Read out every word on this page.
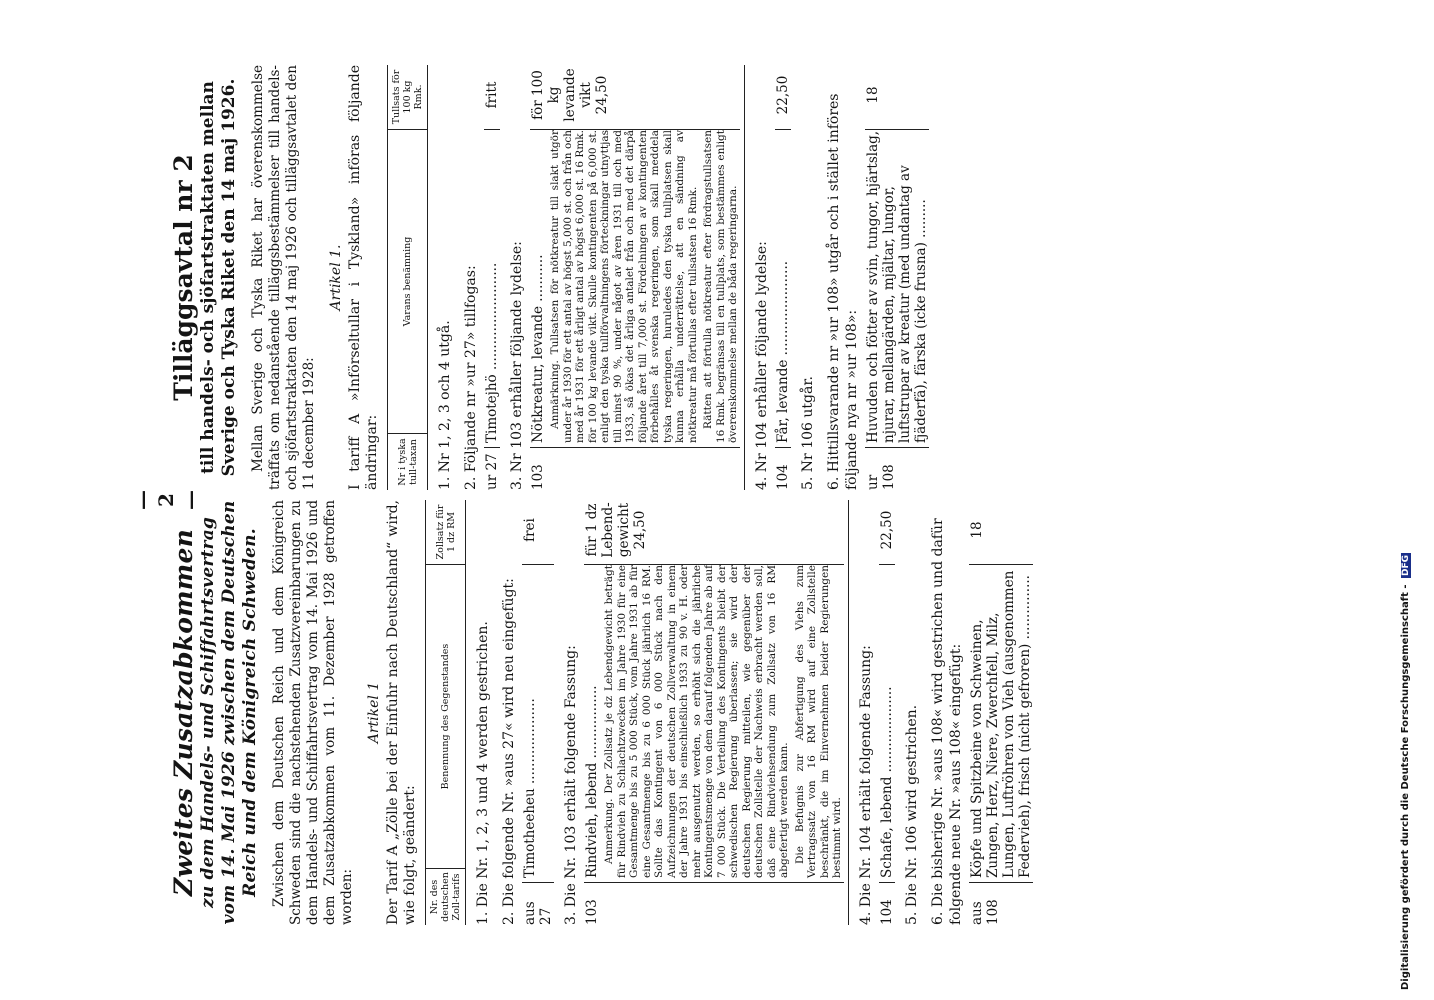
— 2 —
Zweites Zusatzabkommen zu dem Handels- und Schiffahrtsvertrag vom 14. Mai 1926 zwischen dem Deutschen Reich und dem Königreich Schweden. Zwischen dem Deutschen Reich und dem Königreich Schweden sind die nachstehenden Zusatzvereinbarungen zu dem Handels- und Schiffahrtsvertrag vom 14. Mai 1926 und dem Zusatzabkommen vom 11. Dezember 1928 getroffen worden:
Artikel 1 Der Tarif A „Zölle bei der Einfuhr nach Deutschland“ wird, wie folgt, geändert:	Nr. des deutschen Zoll-tarifs
Benennung des Gegenstandes
Zollsatz für 1 dz RM
1. Die Nr. 1, 2, 3 und 4 werden gestrichen. 2. Die folgende Nr. »aus 27« wird neu eingefügt: aus 27
Timotheeheu ....................
frei
3. Die Nr. 103 erhält folgende Fassung: 103
Rindvieh, lebend ................. Anmerkung. Der Zollsatz je dz Lebendgewicht beträgt für Rindvieh zu Schlachtzwecken im Jahre 1930 für eine Gesamtmenge bis zu 5 000 Stück, vom Jahre 1931 ab für eine Gesamtmenge bis zu 6 000 Stück jährlich 16 RM. Sollte das Kontingent von 6 000 Stück nach den Aufzeichnungen der deutschen Zollverwaltung in einem der Jahre 1931 bis einschließlich 1933 zu 90 v. H. oder mehr ausgenutzt werden, so erhöht sich die jährliche Kontingentsmenge von dem darauf folgenden Jahre ab auf 7 000 Stück. Die Verteilung des Kontingents bleibt der schwedischen Regierung überlassen; sie wird der deutschen Regierung mitteilen, wie gegenüber der deutschen Zollstelle der Nachweis erbracht werden soll, daß eine Rindviehsendung zum Zollsatz von 16 RM abgefertigt werden kann. Die Befugnis zur Abfertigung des Viehs zum Vertragssatz von 16 RM wird auf eine Zollstelle beschränkt, die im Einvernehmen beider Regierungen bestimmt wird.
für 1 dz Lebend-gewicht 24,50
4. Die Nr. 104 erhält folgende Fassung: 104
Schafe, lebend ....................
22,50
5. Die Nr. 106 wird gestrichen. 6. Die bisherige Nr. »aus 108« wird gestrichen und dafür folgende neue Nr. »aus 108« eingefügt: aus 108
Köpfe und Spitzbeine von Schweinen, Zungen, Herz, Niere, Zwerchfell, Milz, Lungen, Luftröhren von Vieh (ausgenommen Federvieh), frisch (nicht gefroren) ...............
18
Tilläggsavtal nr 2 till handels- och sjöfartstraktaten mellan Sverige och Tyska Riket den 14 maj 1926. Mellan Sverige och Tyska Riket har överenskommelse träffats om nedanstående tilläggsbestämmelser till handels- och sjöfartstraktaten den 14 maj 1926 och tilläggsavtalet den 11 december 1928:
Artikel 1. I tariff A »Införseltullar i Tyskland» införas följande ändringar:	Nr i tyska tull-taxan
Varans benämning
Tullsats för 100 kg Rmk.
1. Nr 1, 2, 3 och 4 utgå. 2. Följande nr »ur 27» tillfogas: ur 27
Timotejhö .........................
fritt
3. Nr 103 erhåller följande lydelse: 103
Nötkreatur, levande ........... Anmärkning. Tullsatsen för nötkreatur till slakt utgör under år 1930 för ett antal av högst 5,000 st. och från och med år 1931 för ett årligt antal av högst 6,000 st. 16 Rmk. för 100 kg levande vikt. Skulle kontingenten på 6,000 st. enligt den tyska tullförvaltningens förteckningar utnyttjas till minst 90 %, under något av åren 1931 till och med 1933, så ökas det årliga antalet från och med det därpå följande året till 7,000 st. Fördelningen av kontingenten förbehålles åt svenska regeringen, som skall meddela tyska regeringen, huruledes den tyska tullplatsen skall kunna erhålla underrättelse, att en sändning av nötkreatur må förtullas efter tullsatsen 16 Rmk. Rätten att förtulla nötkreatur efter fördragstullsatsen 16 Rmk. begränsas till en tullplats, som bestämmes enligt överenskommelse mellan de båda regeringarna.
för 100 kg levande vikt 24,50
4. Nr 104 erhåller följande lydelse: 104
Får, levande ......................
22,50
5. Nr 106 utgår. 6. Hittillsvarande nr »ur 108» utgår och i stället införes följande nya nr »ur 108»: ur 108
Huvuden och fötter av svin, tungor, hjärtslag, njurar, mellangärden, mjältar, lungor, luftstrupar av kreatur (med undantag av fjäderfä), färska (icke frusna) .........
18
Digitalisierung gefördert durch die Deutsche Forschungsgemeinschaft - DFG
